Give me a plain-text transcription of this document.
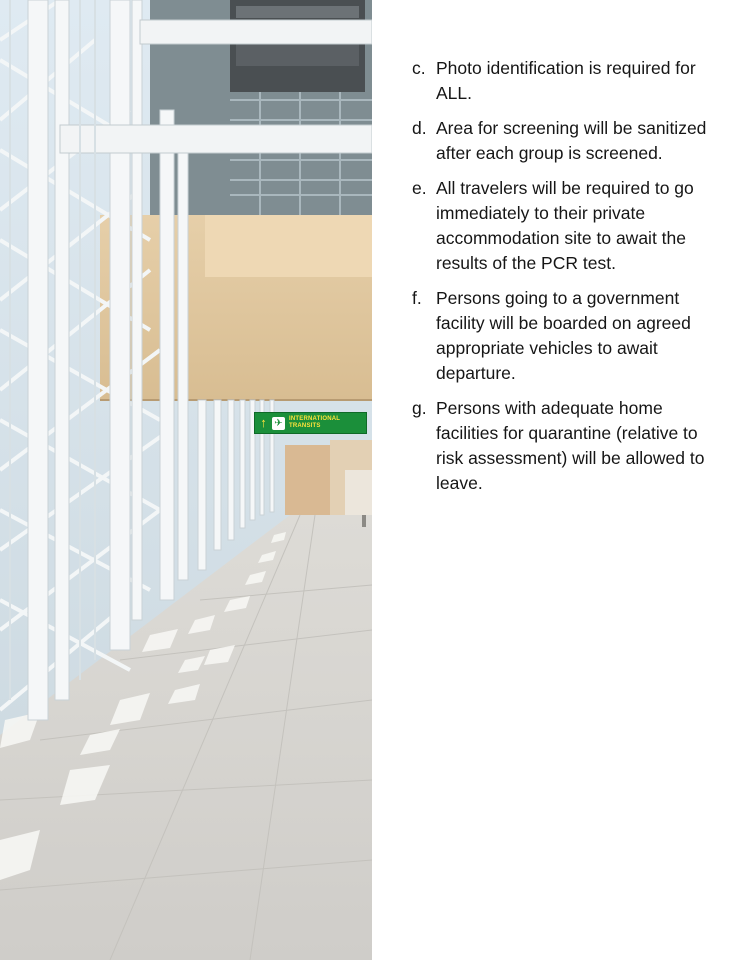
↑ ✈	INTERNATIONAL
TRANSITS
c. Photo identification is required for ALL.
d. Area for screening will be sanitized after each group is screened.
e. All travelers will be required to go immediately to their private accommodation site to await the results of the PCR test.
f. Persons going to a government facility will be boarded on agreed appropriate vehicles to await departure.
g. Persons with adequate home facilities for quarantine (relative to risk assessment) will be allowed to leave.
